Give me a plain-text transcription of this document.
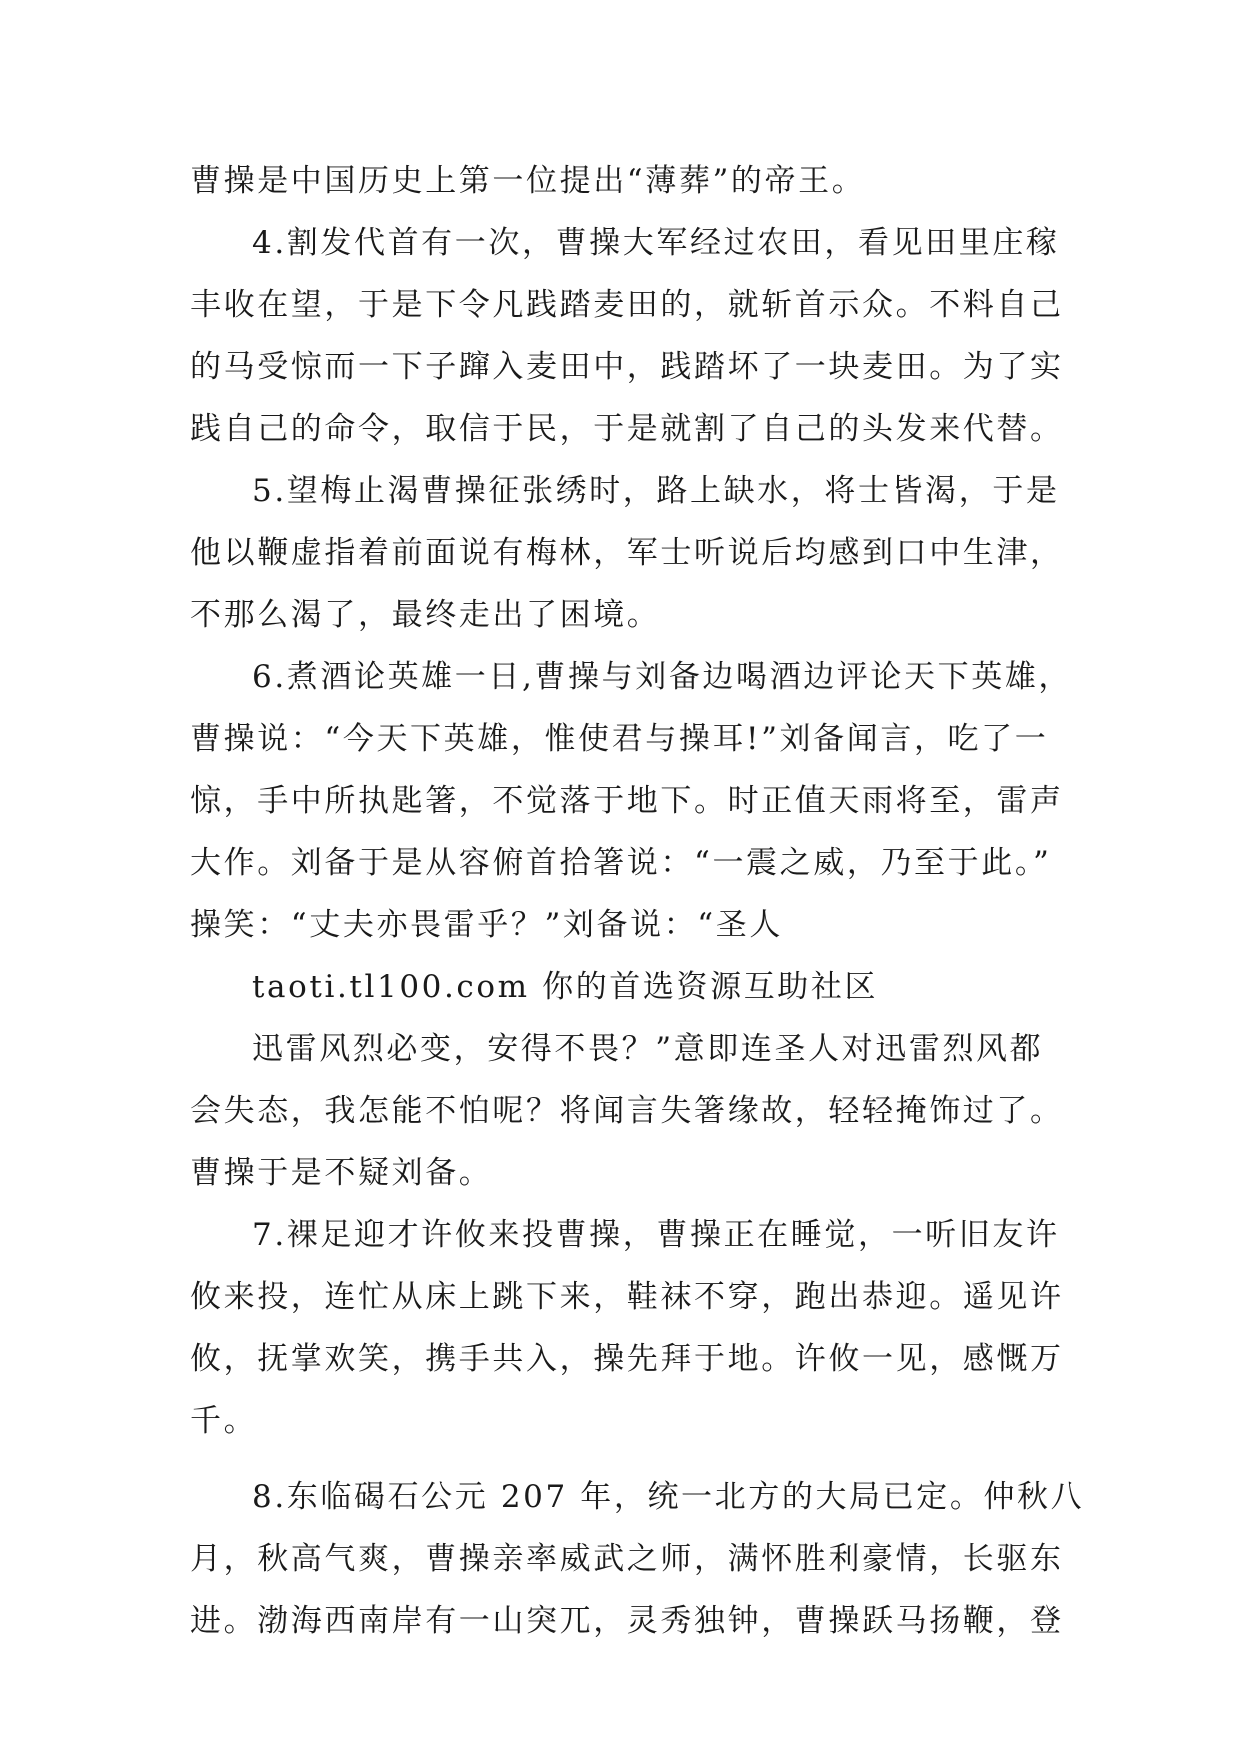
曹操是中国历史上第一位提出“薄葬”的帝王。
4.割发代首有一次，曹操大军经过农田，看见田里庄稼
丰收在望，于是下令凡践踏麦田的，就斩首示众。不料自己
的马受惊而一下子蹿入麦田中，践踏坏了一块麦田。为了实
践自己的命令，取信于民，于是就割了自己的头发来代替。
5.望梅止渴曹操征张绣时，路上缺水，将士皆渴，于是
他以鞭虚指着前面说有梅林，军士听说后均感到口中生津，
不那么渴了，最终走出了困境。
6.煮酒论英雄一日,曹操与刘备边喝酒边评论天下英雄，
曹操说：“今天下英雄，惟使君与操耳!”刘备闻言，吃了一
惊，手中所执匙箸，不觉落于地下。时正值天雨将至，雷声
大作。刘备于是从容俯首拾箸说：“一震之威，乃至于此。”
操笑：“丈夫亦畏雷乎？”刘备说：“圣人
taoti.tl100.com 你的首选资源互助社区
迅雷风烈必变，安得不畏？”意即连圣人对迅雷烈风都
会失态，我怎能不怕呢？将闻言失箸缘故，轻轻掩饰过了。
曹操于是不疑刘备。
7.裸足迎才许攸来投曹操，曹操正在睡觉，一听旧友许
攸来投，连忙从床上跳下来，鞋袜不穿，跑出恭迎。遥见许
攸，抚掌欢笑，携手共入，操先拜于地。许攸一见，感慨万
千。
8.东临碣石公元 207 年，统一北方的大局已定。仲秋八
月，秋高气爽，曹操亲率威武之师，满怀胜利豪情，长驱东
进。渤海西南岸有一山突兀，灵秀独钟，曹操跃马扬鞭，登
